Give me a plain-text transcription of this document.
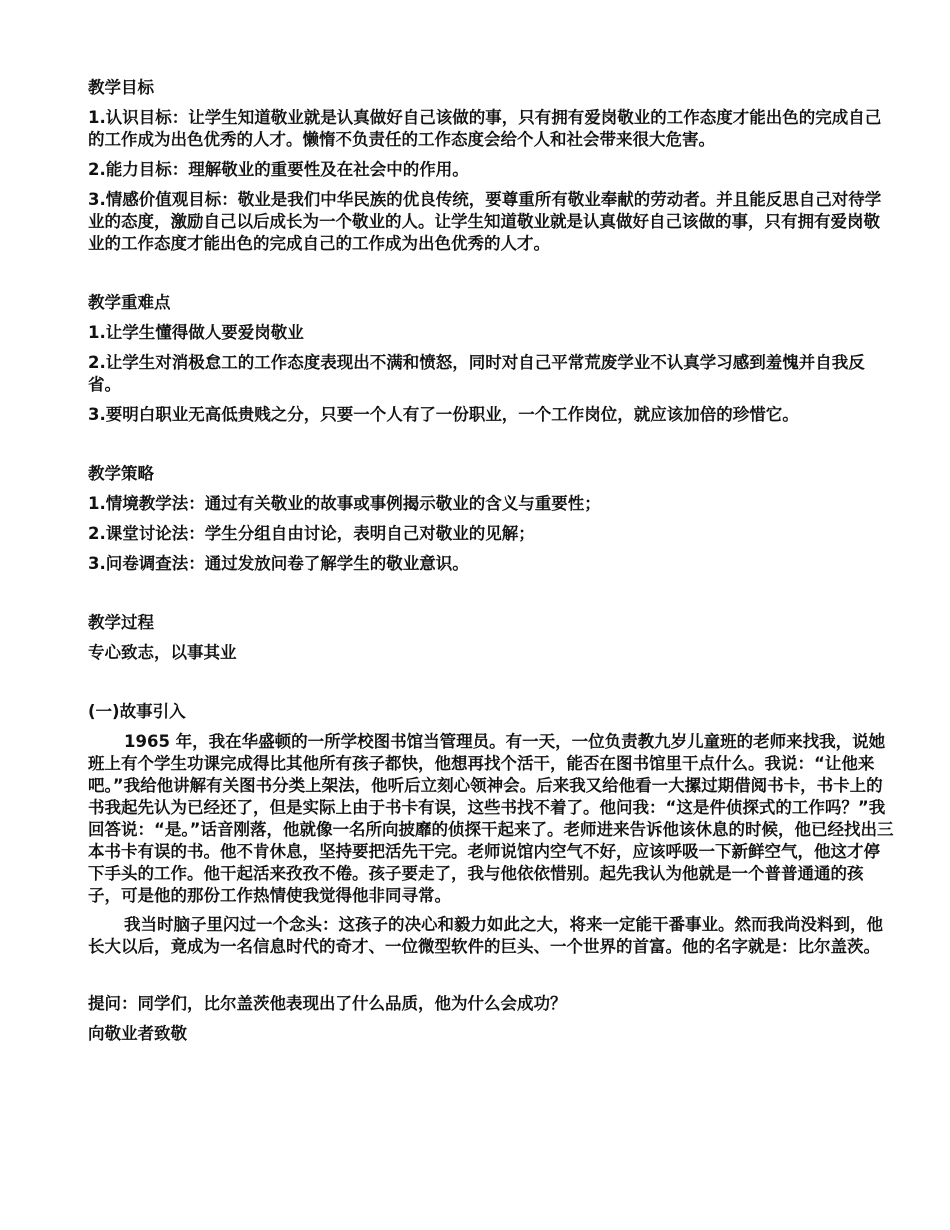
教学目标
1.认识目标：让学生知道敬业就是认真做好自己该做的事，只有拥有爱岗敬业的工作态度才能出色的完成自己的工作成为出色优秀的人才。懒惰不负责任的工作态度会给个人和社会带来很大危害。
2.能力目标：理解敬业的重要性及在社会中的作用。
3.情感价值观目标：敬业是我们中华民族的优良传统，要尊重所有敬业奉献的劳动者。并且能反思自己对待学业的态度，激励自己以后成长为一个敬业的人。让学生知道敬业就是认真做好自己该做的事，只有拥有爱岗敬业的工作态度才能出色的完成自己的工作成为出色优秀的人才。
教学重难点
1.让学生懂得做人要爱岗敬业
2.让学生对消极怠工的工作态度表现出不满和愤怒，同时对自己平常荒废学业不认真学习感到羞愧并自我反省。
3.要明白职业无高低贵贱之分，只要一个人有了一份职业，一个工作岗位，就应该加倍的珍惜它。
教学策略
1.情境教学法：通过有关敬业的故事或事例揭示敬业的含义与重要性；
2.课堂讨论法：学生分组自由讨论，表明自己对敬业的见解；
3.问卷调查法：通过发放问卷了解学生的敬业意识。
教学过程
专心致志，以事其业
(一)故事引入
1965 年，我在华盛顿的一所学校图书馆当管理员。有一天，一位负责教九岁儿童班的老师来找我，说她班上有个学生功课完成得比其他所有孩子都快，他想再找个活干，能否在图书馆里干点什么。我说：“让他来吧。”我给他讲解有关图书分类上架法，他听后立刻心领神会。后来我又给他看一大摞过期借阅书卡，书卡上的书我起先认为已经还了，但是实际上由于书卡有误，这些书找不着了。他问我：“这是件侦探式的工作吗？”我回答说：“是。”话音刚落，他就像一名所向披靡的侦探干起来了。老师进来告诉他该休息的时候，他已经找出三本书卡有误的书。他不肯休息，坚持要把活先干完。老师说馆内空气不好，应该呼吸一下新鲜空气，他这才停下手头的工作。他干起活来孜孜不倦。孩子要走了，我与他依依惜别。起先我认为他就是一个普普通通的孩子，可是他的那份工作热情使我觉得他非同寻常。
我当时脑子里闪过一个念头：这孩子的决心和毅力如此之大，将来一定能干番事业。然而我尚没料到，他长大以后，竟成为一名信息时代的奇才、一位微型软件的巨头、一个世界的首富。他的名字就是：比尔盖茨。
提问：同学们，比尔盖茨他表现出了什么品质，他为什么会成功？
向敬业者致敬
